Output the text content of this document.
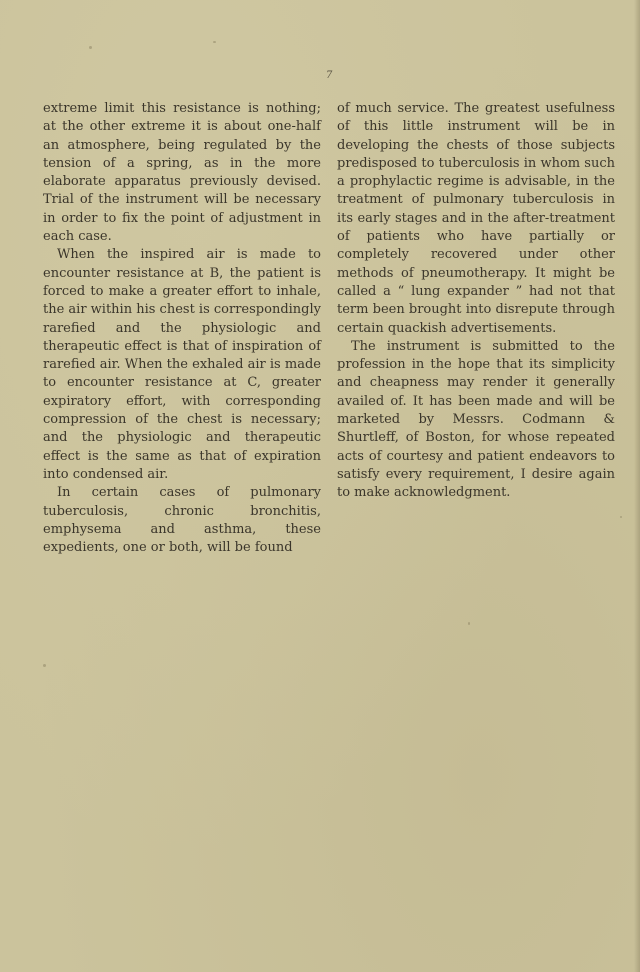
7

extreme limit this resistance is nothing; at the other extreme it is about one-half an atmosphere, being regulated by the tension of a spring, as in the more elaborate apparatus previously devised. Trial of the instrument will be necessary in order to fix the point of adjustment in each case.

When the inspired air is made to encounter resistance at B, the patient is forced to make a greater effort to inhale, the air within his chest is correspondingly rarefied and the physiologic and therapeutic effect is that of inspiration of rarefied air. When the exhaled air is made to encounter resistance at C, greater expiratory effort, with corresponding compression of the chest is necessary; and the physiologic and therapeutic effect is the same as that of expiration into condensed air.

In certain cases of pulmonary tuberculosis, chronic bronchitis, emphysema and asthma, these expedients, one or both, will be found

of much service. The greatest usefulness of this little instrument will be in developing the chests of those subjects predisposed to tuberculosis in whom such a prophylactic regime is advisable, in the treatment of pulmonary tuberculosis in its early stages and in the after-treatment of patients who have partially or completely recovered under other methods of pneumotherapy. It might be called a “ lung expander ” had not that term been brought into disrepute through certain quackish advertisements.

The instrument is submitted to the profession in the hope that its simplicity and cheapness may render it generally availed of. It has been made and will be marketed by Messrs. Codmann & Shurtleff, of Boston, for whose repeated acts of courtesy and patient endeavors to satisfy every requirement, I desire again to make acknowledgment.
